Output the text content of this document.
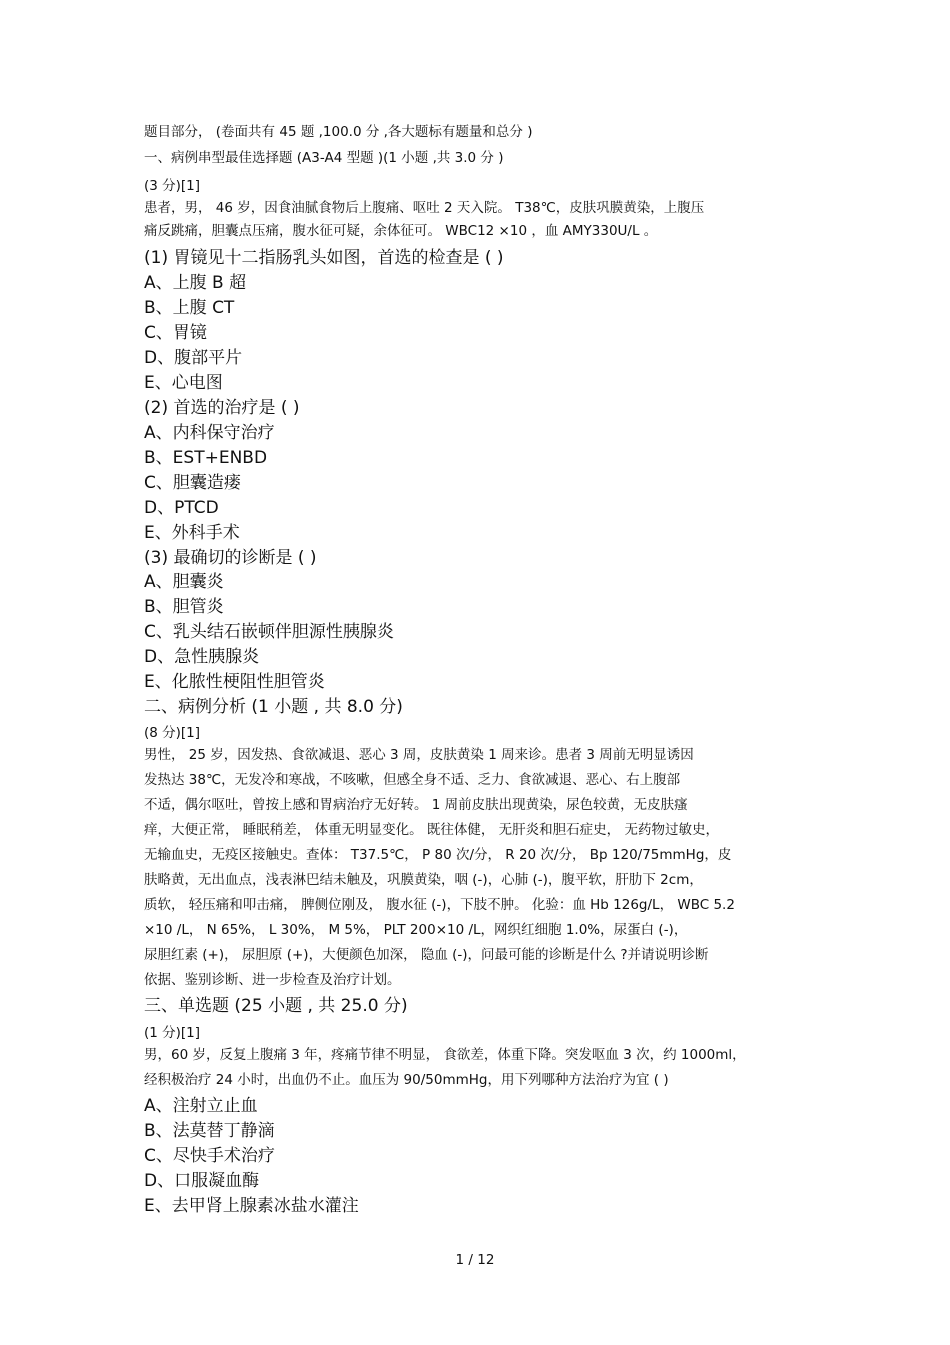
题目部分， (卷面共有 45 题 ,100.0 分 ,各大题标有题量和总分 )
一、病例串型最佳选择题 (A3-A4 型题 )(1 小题 ,共 3.0 分 )
(3 分)[1]
患者，男， 46 岁，因食油腻食物后上腹痛、呕吐 2 天入院。 T38℃，皮肤巩膜黄染，上腹压
痛反跳痛，胆囊点压痛，腹水征可疑，余体征可。 WBC12 ×10 ，血 AMY330U/L 。
(1) 胃镜见十二指肠乳头如图，首选的检查是 ( )
A、上腹 B 超
B、上腹 CT
C、胃镜
D、腹部平片
E、心电图
(2) 首选的治疗是 ( )
A、内科保守治疗
B、EST+ENBD
C、胆囊造瘘
D、PTCD
E、外科手术
(3) 最确切的诊断是 ( )
A、胆囊炎
B、胆管炎
C、乳头结石嵌顿伴胆源性胰腺炎
D、急性胰腺炎
E、化脓性梗阻性胆管炎
二、病例分析 (1 小题 , 共 8.0 分)
(8 分)[1]
男性， 25 岁，因发热、食欲减退、恶心 3 周，皮肤黄染 1 周来诊。患者 3 周前无明显诱因
发热达 38℃，无发冷和寒战，不咳嗽，但感全身不适、乏力、食欲减退、恶心、右上腹部
不适，偶尔呕吐，曾按上感和胃病治疗无好转。 1 周前皮肤出现黄染，尿色较黄，无皮肤瘙
痒，大便正常， 睡眠稍差， 体重无明显变化。 既往体健， 无肝炎和胆石症史， 无药物过敏史，
无输血史，无疫区接触史。查体： T37.5℃， P 80 次/分， R 20 次/分， Bp 120/75mmHg，皮
肤略黄，无出血点，浅表淋巴结未触及，巩膜黄染，咽 (-)，心肺 (-)，腹平软，肝肋下 2cm，
质软， 轻压痛和叩击痛， 脾侧位刚及， 腹水征 (-)，下肢不肿。 化验：血 Hb 126g/L， WBC 5.2
×10 /L， N 65%， L 30%， M 5%， PLT 200×10 /L，网织红细胞 1.0%，尿蛋白 (-)，
尿胆红素 (+)， 尿胆原 (+)，大便颜色加深， 隐血 (-)，问最可能的诊断是什么 ?并请说明诊断
依据、鉴别诊断、进一步检查及治疗计划。
三、单选题 (25 小题 , 共 25.0 分)
(1 分)[1]
男，60 岁，反复上腹痛 3 年，疼痛节律不明显， 食欲差，体重下降。突发呕血 3 次，约 1000ml，
经积极治疗 24 小时，出血仍不止。血压为 90/50mmHg，用下列哪种方法治疗为宜 ( )
A、注射立止血
B、法莫替丁静滴
C、尽快手术治疗
D、口服凝血酶
E、去甲肾上腺素冰盐水灌注
1 / 12
